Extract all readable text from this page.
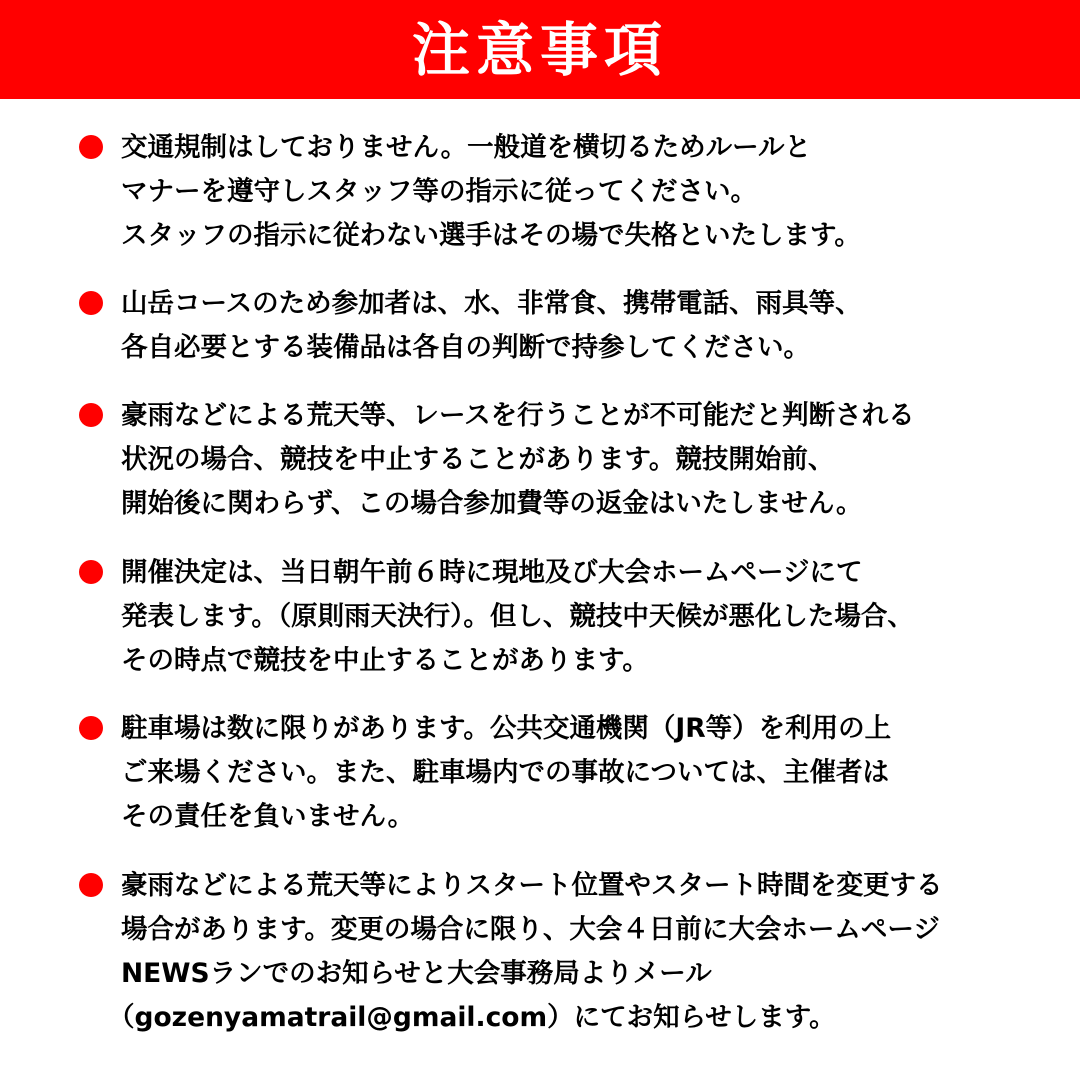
注意事項
交通規制はしておりません。一般道を横切るためルールと
マナーを遵守しスタッフ等の指示に従ってください。
スタッフの指示に従わない選手はその場で失格といたします。
山岳コースのため参加者は、水、非常食、携帯電話、雨具等、
各自必要とする装備品は各自の判断で持参してください。
豪雨などによる荒天等、レースを行うことが不可能だと判断される
状況の場合、競技を中止することがあります。競技開始前、
開始後に関わらず、この場合参加費等の返金はいたしません。
開催決定は、当日朝午前６時に現地及び大会ホームページにて
発表します。（原則雨天決行）。但し、競技中天候が悪化した場合、
その時点で競技を中止することがあります。
駐車場は数に限りがあります。公共交通機関（JR等）を利用の上
ご来場ください。また、駐車場内での事故については、主催者は
その責任を負いません。
豪雨などによる荒天等によりスタート位置やスタート時間を変更する
場合があります。変更の場合に限り、大会４日前に大会ホームページ
NEWSランでのお知らせと大会事務局よりメール
（gozenyamatrail@gmail.com）にてお知らせします。
